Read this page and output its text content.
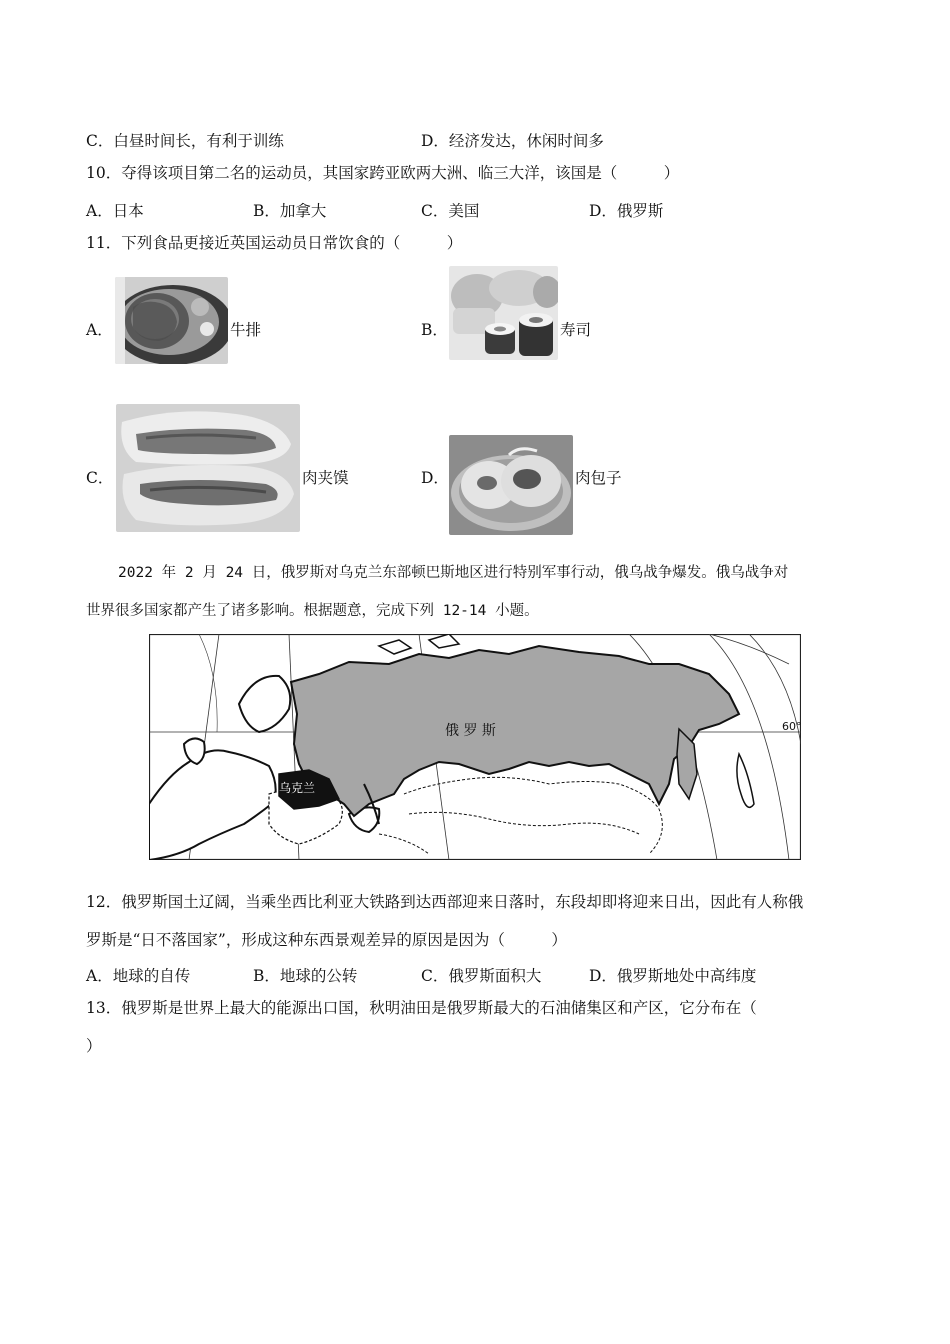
C．白昼时间长，有利于训练	D．经济发达，休闲时间多
10．夺得该项目第二名的运动员，其国家跨亚欧两大洲、临三大洋，该国是（　　　）
A．日本	B．加拿大	C．美国	D．俄罗斯
11．下列食品更接近英国运动员日常饮食的（　　　）
A．	牛排	B．	寿司
C．	肉夹馍	D．	肉包子
2022 年 2 月 24 日，俄罗斯对乌克兰东部顿巴斯地区进行特别军事行动，俄乌战争爆发。俄乌战争对
世界很多国家都产生了诸多影响。根据题意，完成下列 12-14 小题。
俄 罗 斯
乌克兰
60°
12．俄罗斯国土辽阔，当乘坐西比利亚大铁路到达西部迎来日落时，东段却即将迎来日出，因此有人称俄
罗斯是“日不落国家”，形成这种东西景观差异的原因是因为（　　　）
A．地球的自传	B．地球的公转	C．俄罗斯面积大	D．俄罗斯地处中高纬度
13．俄罗斯是世界上最大的能源出口国，秋明油田是俄罗斯最大的石油储集区和产区，它分布在（
）
